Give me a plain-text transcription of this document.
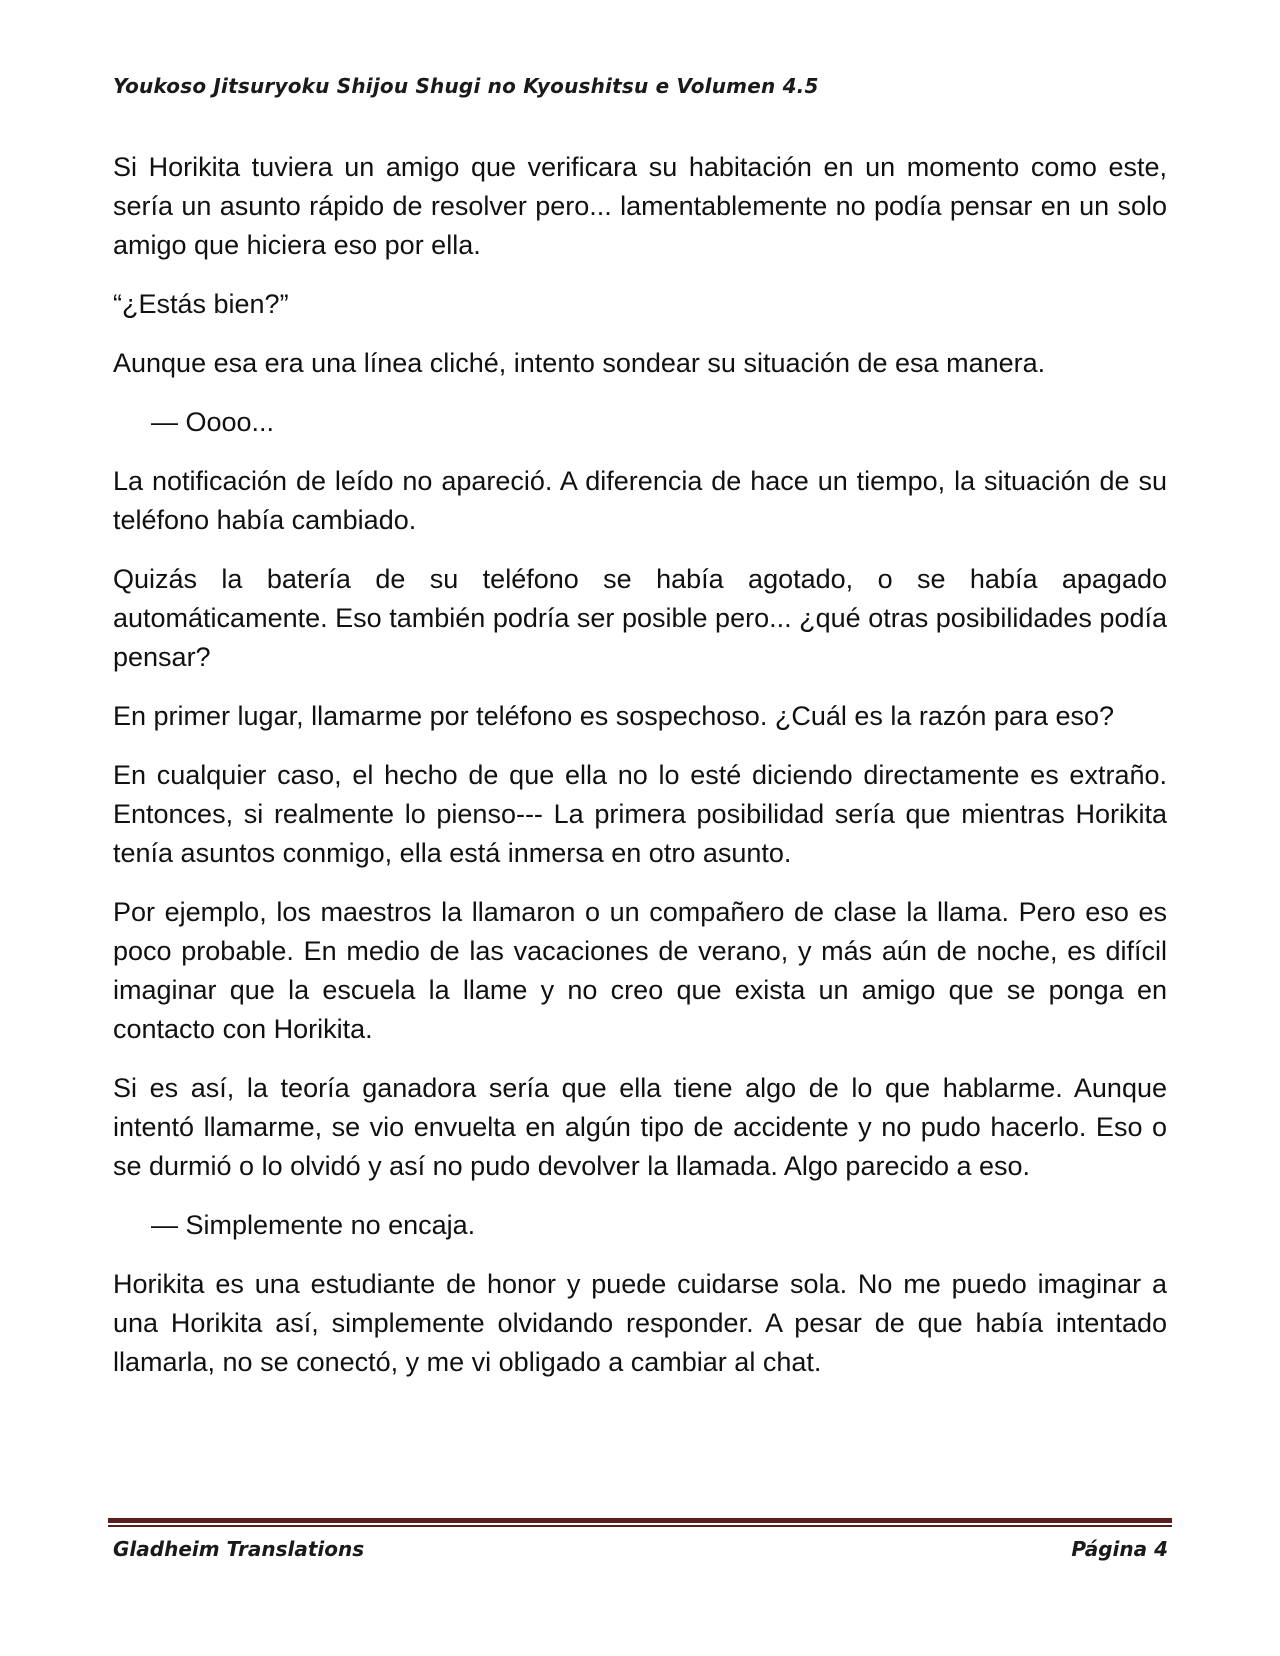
Youkoso Jitsuryoku Shijou Shugi no Kyoushitsu e Volumen 4.5

Si Horikita tuviera un amigo que verificara su habitación en un momento como este, sería un asunto rápido de resolver pero... lamentablemente no podía pensar en un solo amigo que hiciera eso por ella.

“¿Estás bien?”

Aunque esa era una línea cliché, intento sondear su situación de esa manera.

— Oooo...

La notificación de leído no apareció. A diferencia de hace un tiempo, la situación de su teléfono había cambiado.

Quizás la batería de su teléfono se había agotado, o se había apagado automáticamente. Eso también podría ser posible pero... ¿qué otras posibilidades podía pensar?

En primer lugar, llamarme por teléfono es sospechoso. ¿Cuál es la razón para eso?

En cualquier caso, el hecho de que ella no lo esté diciendo directamente es extraño. Entonces, si realmente lo pienso--- La primera posibilidad sería que mientras Horikita tenía asuntos conmigo, ella está inmersa en otro asunto.

Por ejemplo, los maestros la llamaron o un compañero de clase la llama. Pero eso es poco probable. En medio de las vacaciones de verano, y más aún de noche, es difícil imaginar que la escuela la llame y no creo que exista un amigo que se ponga en contacto con Horikita.

Si es así, la teoría ganadora sería que ella tiene algo de lo que hablarme. Aunque intentó llamarme, se vio envuelta en algún tipo de accidente y no pudo hacerlo. Eso o se durmió o lo olvidó y así no pudo devolver la llamada. Algo parecido a eso.

— Simplemente no encaja.

Horikita es una estudiante de honor y puede cuidarse sola. No me puedo imaginar a una Horikita así, simplemente olvidando responder. A pesar de que había intentado llamarla, no se conectó, y me vi obligado a cambiar al chat.

Gladheim Translations	Página 4
